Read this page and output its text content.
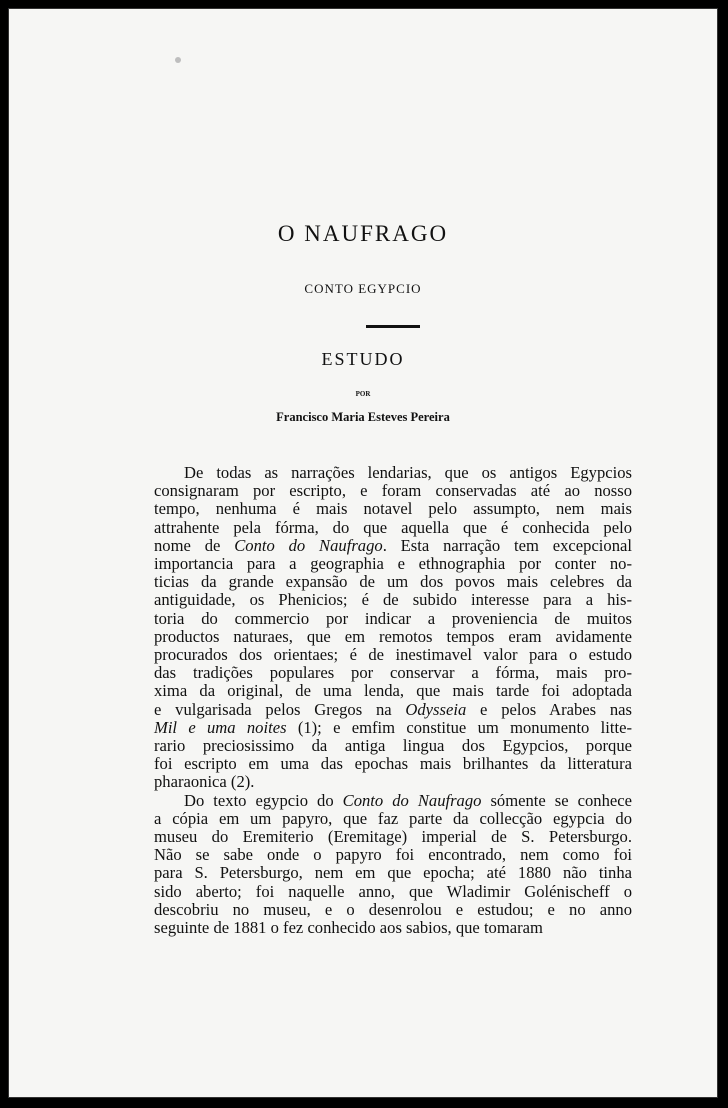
O NAUFRAGO
CONTO EGYPCIO
ESTUDO
POR
Francisco Maria Esteves Pereira
De todas as narrações lendarias, que os antigos Egypcios
consignaram por escripto, e foram conservadas até ao nosso
tempo, nenhuma é mais notavel pelo assumpto, nem mais
attrahente pela fórma, do que aquella que é conhecida pelo
nome de Conto do Naufrago. Esta narração tem excepcional
importancia para a geographia e ethnographia por conter no-
ticias da grande expansão de um dos povos mais celebres da
antiguidade, os Phenicios; é de subido interesse para a his-
toria do commercio por indicar a proveniencia de muitos
productos naturaes, que em remotos tempos eram avidamente
procurados dos orientaes; é de inestimavel valor para o estudo
das tradições populares por conservar a fórma, mais pro-
xima da original, de uma lenda, que mais tarde foi adoptada
e vulgarisada pelos Gregos na Odysseia e pelos Arabes nas
Mil e uma noites (1); e emfim constitue um monumento litte-
rario preciosissimo da antiga lingua dos Egypcios, porque
foi escripto em uma das epochas mais brilhantes da litteratura
pharaonica (2).
Do texto egypcio do Conto do Naufrago sómente se conhece
a cópia em um papyro, que faz parte da collecção egypcia do
museu do Eremiterio (Eremitage) imperial de S. Petersburgo.
Não se sabe onde o papyro foi encontrado, nem como foi
para S. Petersburgo, nem em que epocha; até 1880 não tinha
sido aberto; foi naquelle anno, que Wladimir Golénischeff o
descobriu no museu, e o desenrolou e estudou; e no anno
seguinte de 1881 o fez conhecido aos sabios, que tomaram
